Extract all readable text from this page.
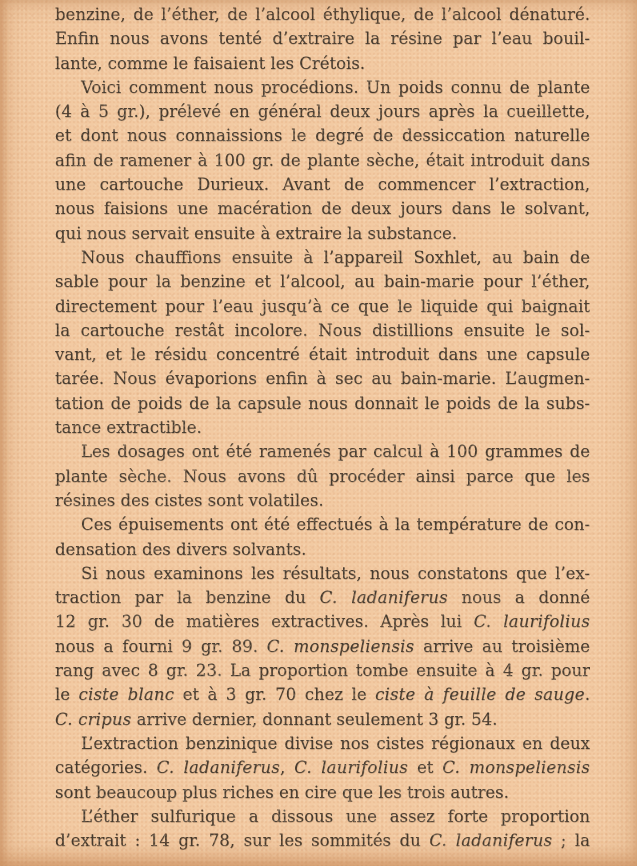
benzine, de l’éther, de l’alcool éthylique, de l’alcool dénaturé.
Enfin nous avons tenté d’extraire la résine par l’eau bouil-
lante, comme le faisaient les Crétois.
Voici comment nous procédions. Un poids connu de plante
(4 à 5 gr.), prélevé en général deux jours après la cueillette,
et dont nous connaissions le degré de dessiccation naturelle
afin de ramener à 100 gr. de plante sèche, était introduit dans
une cartouche Durieux. Avant de commencer l’extraction,
nous faisions une macération de deux jours dans le solvant,
qui nous servait ensuite à extraire la substance.
Nous chauffions ensuite à l’appareil Soxhlet, au bain de
sable pour la benzine et l’alcool, au bain-marie pour l’éther,
directement pour l’eau jusqu’à ce que le liquide qui baignait
la cartouche restât incolore. Nous distillions ensuite le sol-
vant, et le résidu concentré était introduit dans une capsule
tarée. Nous évaporions enfin à sec au bain-marie. L’augmen-
tation de poids de la capsule nous donnait le poids de la subs-
tance extractible.
Les dosages ont été ramenés par calcul à 100 grammes de
plante sèche. Nous avons dû procéder ainsi parce que les
résines des cistes sont volatiles.
Ces épuisements ont été effectués à la température de con-
densation des divers solvants.
Si nous examinons les résultats, nous constatons que l’ex-
traction par la benzine du C. ladaniferus nous a donné
12 gr. 30 de matières extractives. Après lui C. laurifolius
nous a fourni 9 gr. 89. C. monspeliensis arrive au troisième
rang avec 8 gr. 23. La proportion tombe ensuite à 4 gr. pour
le ciste blanc et à 3 gr. 70 chez le ciste à feuille de sauge.
C. cripus arrive dernier, donnant seulement 3 gr. 54.
L’extraction benzinique divise nos cistes régionaux en deux
catégories. C. ladaniferus, C. laurifolius et C. monspeliensis
sont beaucoup plus riches en cire que les trois autres.
L’éther sulfurique a dissous une assez forte proportion
d’extrait : 14 gr. 78, sur les sommités du C. ladaniferus ; la
